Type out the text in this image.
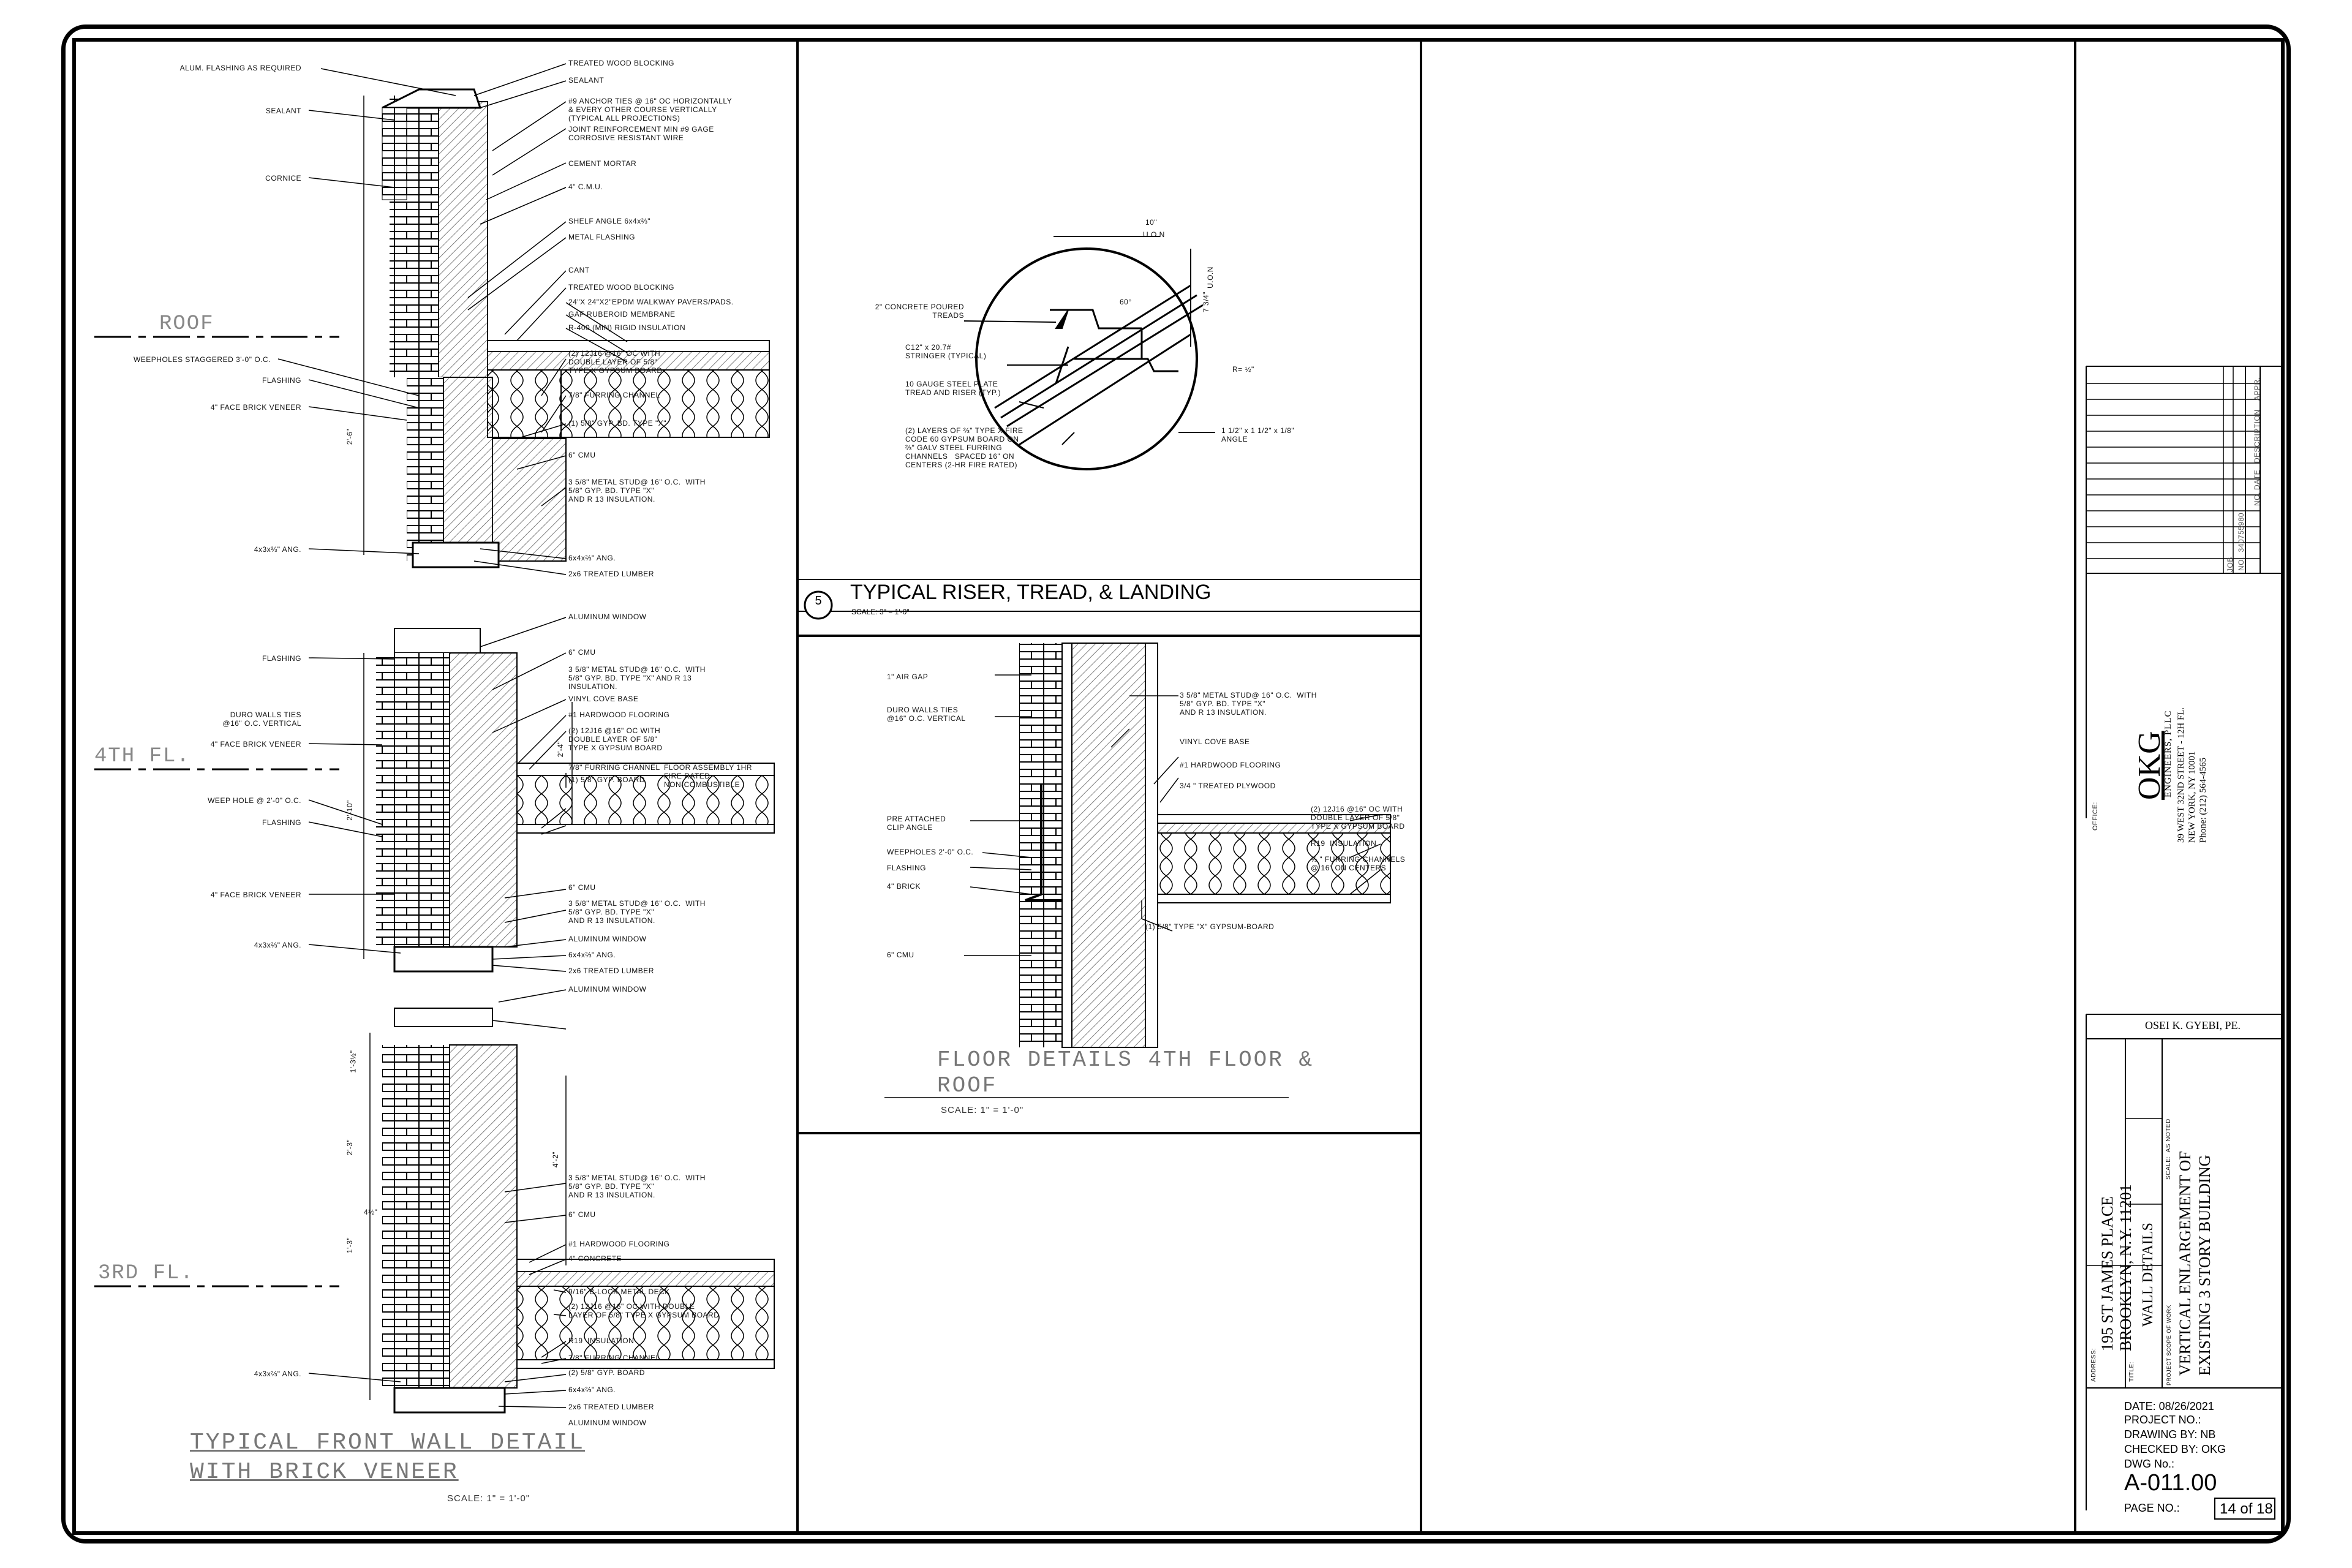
ALUM. FLASHING AS REQUIRED
SEALANT
CORNICE
WEEPHOLES STAGGERED 3'-0" O.C.
FLASHING
4" FACE BRICK VENEER
4x3x⅔" ANG.
TREATED WOOD BLOCKING
SEALANT
#9 ANCHOR TIES @ 16" OC HORIZONTALLY
& EVERY OTHER COURSE VERTICALLY
(TYPICAL ALL PROJECTIONS)
JOINT REINFORCEMENT MIN #9 GAGE
CORROSIVE RESISTANT WIRE
CEMENT MORTAR
4" C.M.U.
SHELF ANGLE 6x4x⅔"
METAL FLASHING
CANT
TREATED WOOD BLOCKING
24"X 24"X2"EPDM WALKWAY PAVERS/PADS.
GAF RUBEROID MEMBRANE
R-400 (MIN) RIGID INSULATION
(2) 12J16 @16" OC WITH
DOUBLE LAYER OF 5/8"
TYPE X GYPSUM BOARD
7/8" FURRING CHANNEL
(1) 5/8" GYP. BD. TYPE "X"
6" CMU
3 5/8" METAL STUD@ 16" O.C.  WITH
5/8" GYP. BD. TYPE "X"
AND R 13 INSULATION.
6x4x⅔" ANG.
2x6 TREATED LUMBER
FLASHING
DURO WALLS TIES
@16" O.C. VERTICAL
4" FACE BRICK VENEER
WEEP HOLE @ 2'-0" O.C.
FLASHING
4" FACE BRICK VENEER
4x3x⅔" ANG.
ALUMINUM WINDOW
6" CMU
3 5/8" METAL STUD@ 16" O.C.  WITH
5/8" GYP. BD. TYPE "X" AND R 13
INSULATION.
VINYL COVE BASE
#1 HARDWOOD FLOORING
(2) 12J16 @16" OC WITH
DOUBLE LAYER OF 5/8"
TYPE X GYPSUM BOARD
7/8" FURRING CHANNEL
(1) 5/8" GYP. BOARD
FLOOR ASSEMBLY 1HR
FIRE RATED
NON-COMBUSTIBLE
6" CMU
3 5/8" METAL STUD@ 16" O.C.  WITH
5/8" GYP. BD. TYPE "X"
AND R 13 INSULATION.
ALUMINUM WINDOW
6x4x⅔" ANG.
2x6 TREATED LUMBER
4x3x⅔" ANG.
ALUMINUM WINDOW
3 5/8" METAL STUD@ 16" O.C.  WITH
5/8" GYP. BD. TYPE "X"
AND R 13 INSULATION.
6" CMU
#1 HARDWOOD FLOORING
4" CONCRETE
9/16" B-LOCK METAL DECK
(2) 12J16 @16" OC WITH DOUBLE
LAYER OF 5/8" TYPE X GYPSUM BOARD
R19  INSULATION
7/8" FURRING CHANNEL
(2) 5/8" GYP. BOARD
6x4x⅔" ANG.
2x6 TREATED LUMBER
ALUMINUM WINDOW
2'-6"
2'-10"
2'-4"
1'-3½"
2'-3"
4'-2"
1'-3"
4½"
ROOF
4TH FL.
3RD FL.
TYPICAL FRONT WALL DETAIL
WITH BRICK VENEER
SCALE: 1" = 1'-0"
2" CONCRETE POURED
TREADS
C12" x 20.7#
STRINGER (TYPICAL)
10 GAUGE STEEL PLATE
TREAD AND RISER (TYP.)
(2) LAYERS OF ⅔" TYPE X FIRE
CODE 60 GYPSUM BOARD ON
⅔" GALV STEEL FURRING
CHANNELS   SPACED 16" ON
CENTERS (2-HR FIRE RATED)
1 1/2" x 1 1/2" x 1/8"
ANGLE
10"
U.O.N
7 3/4"
U.O.N
60°
R= ½"
5 TYPICAL RISER, TREAD, & LANDING
SCALE: 3" = 1'-0"
1" AIR GAP
DURO WALLS TIES
@16" O.C. VERTICAL
PRE ATTACHED
CLIP ANGLE
WEEPHOLES 2'-0" O.C.
FLASHING
4" BRICK
6" CMU
3 5/8" METAL STUD@ 16" O.C.  WITH
5/8" GYP. BD. TYPE "X"
AND R 13 INSULATION.
VINYL COVE BASE
#1 HARDWOOD FLOORING
3/4 " TREATED PLYWOOD
(2) 12J16 @16" OC WITH
DOUBLE LAYER OF 5/8"
TYPE X GYPSUM BOARD
R19  INSULATION
⅔ " FURRING CHANNELS
@ 16" ON CENTERS
(1) 5/8" TYPE "X" GYPSUM-BOARD
FLOOR DETAILS 4TH FLOOR &
ROOF
SCALE: 1" = 1'-0"
NO.
DATE
DESCRIPTION
APPR.
JOB NO.  340755980
OFFICE:
OKG
ENGINEERS, PLLC
39 WEST 32ND STREET - 12H FL.
NEW YORK, NY 10001
Phone: (212) 564-4565
OSEI K. GYEBI, PE.
ADDRESS:
195 ST JAMES PLACE
BROOKLYN, N.Y. 11201
TITLE:
WALL DETAILS
PROJECT SCOPE OF WORK
SCALE:  AS NOTED
VERTICAL ENLARGEMENT OF
EXISTING 3 STORY BUILDING
DATE: 08/26/2021
PROJECT NO.:
DRAWING BY: NB
CHECKED BY: OKG
DWG No.:
A-011.00
PAGE NO.:	14 of 18
